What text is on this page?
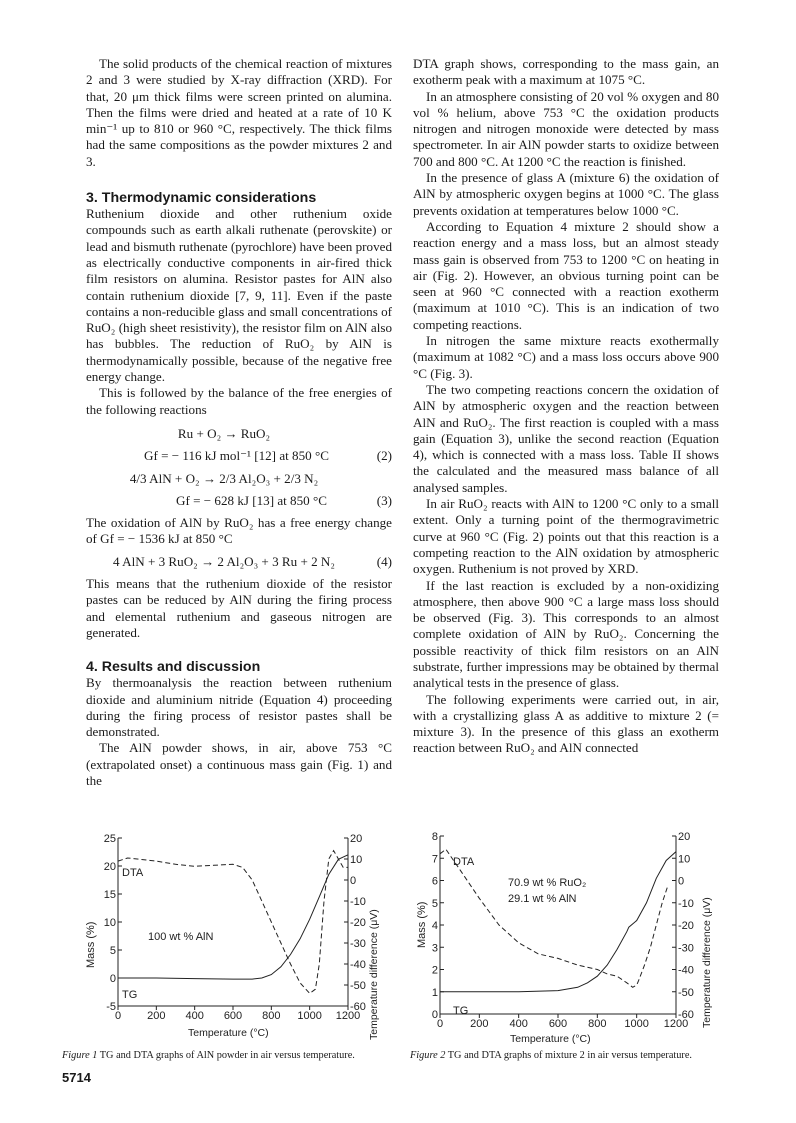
The solid products of the chemical reaction of mixtures 2 and 3 were studied by X-ray diffraction (XRD). For that, 20 μm thick films were screen printed on alumina. Then the films were dried and heated at a rate of 10 K min⁻¹ up to 810 or 960 °C, respectively. The thick films had the same compositions as the powder mixtures 2 and 3.

3. Thermodynamic considerations

Ruthenium dioxide and other ruthenium oxide compounds such as earth alkali ruthenate (perovskite) or lead and bismuth ruthenate (pyrochlore) have been proved as electrically conductive components in air-fired thick film resistors on alumina. Resistor pastes for AlN also contain ruthenium dioxide [7, 9, 11]. Even if the paste contains a non-reducible glass and small concentrations of RuO₂ (high sheet resistivity), the resistor film on AlN also has bubbles. The reduction of RuO₂ by AlN is thermodynamically possible, because of the negative free energy change.

This is followed by the balance of the free energies of the following reactions

Ru + O₂ → RuO₂
Gf = − 116 kJ mol⁻¹ [12] at 850 °C	(2)
4/3 AlN + O₂ → 2/3 Al₂O₃ + 2/3 N₂
Gf = − 628 kJ [13] at 850 °C	(3)

The oxidation of AlN by RuO₂ has a free energy change of Gf = − 1536 kJ at 850 °C

4 AlN + 3 RuO₂ → 2 Al₂O₃ + 3 Ru + 2 N₂	(4)

This means that the ruthenium dioxide of the resistor pastes can be reduced by AlN during the firing process and elemental ruthenium and gaseous nitrogen are generated.

4. Results and discussion

By thermoanalysis the reaction between ruthenium dioxide and aluminium nitride (Equation 4) proceeding during the firing process of resistor pastes shall be demonstrated.

The AlN powder shows, in air, above 753 °C (extrapolated onset) a continuous mass gain (Fig. 1) and the

DTA graph shows, corresponding to the mass gain, an exotherm peak with a maximum at 1075 °C.

In an atmosphere consisting of 20 vol % oxygen and 80 vol % helium, above 753 °C the oxidation products nitrogen and nitrogen monoxide were detected by mass spectrometer. In air AlN powder starts to oxidize between 700 and 800 °C. At 1200 °C the reaction is finished.

In the presence of glass A (mixture 6) the oxidation of AlN by atmospheric oxygen begins at 1000 °C. The glass prevents oxidation at temperatures below 1000 °C.

According to Equation 4 mixture 2 should show a reaction energy and a mass loss, but an almost steady mass gain is observed from 753 to 1200 °C on heating in air (Fig. 2). However, an obvious turning point can be seen at 960 °C connected with a reaction exotherm (maximum at 1010 °C). This is an indication of two competing reactions.

In nitrogen the same mixture reacts exothermally (maximum at 1082 °C) and a mass loss occurs above 900 °C (Fig. 3).

The two competing reactions concern the oxidation of AlN by atmospheric oxygen and the reaction between AlN and RuO₂. The first reaction is coupled with a mass gain (Equation 3), unlike the second reaction (Equation 4), which is connected with a mass loss. Table II shows the calculated and the measured mass balance of all analysed samples.

In air RuO₂ reacts with AlN to 1200 °C only to a small extent. Only a turning point of the thermogravimetric curve at 960 °C (Fig. 2) points out that this reaction is a competing reaction to the AlN oxidation by atmospheric oxygen. Ruthenium is not proved by XRD.

If the last reaction is excluded by a non-oxidizing atmosphere, then above 900 °C a large mass loss should be observed (Fig. 3). This corresponds to an almost complete oxidation of AlN by RuO₂. Concerning the possible reactivity of thick film resistors on an AlN substrate, further impressions may be obtained by thermal analytical tests in the presence of glass.

The following experiments were carried out, in air, with a crystallizing glass A as additive to mixture 2 (= mixture 3). In the presence of this glass an exotherm reaction between RuO₂ and AlN connected

0 200 400 600 800 1000 1200
25
20
15
10
5
0
-5
20
10
0
-10
-20
-30
-40
-50
-60
DTA
TG
100 wt % AlN
Mass (%)	Temperature difference (μV)
Temperature (°C)
Figure 1 TG and DTA graphs of AlN powder in air versus temperature.
0 200 400 600 800 1000 1200
8
7
6
5
4
3
2
1
0
20
10
0
-10
-20
-30
-40
-50
-60
DTA
TG
70.9 wt % RuO₂
29.1 wt % AlN
Mass (%)	Temperature difference (μV)
Temperature (°C)
Figure 2 TG and DTA graphs of mixture 2 in air versus temperature.
5714
